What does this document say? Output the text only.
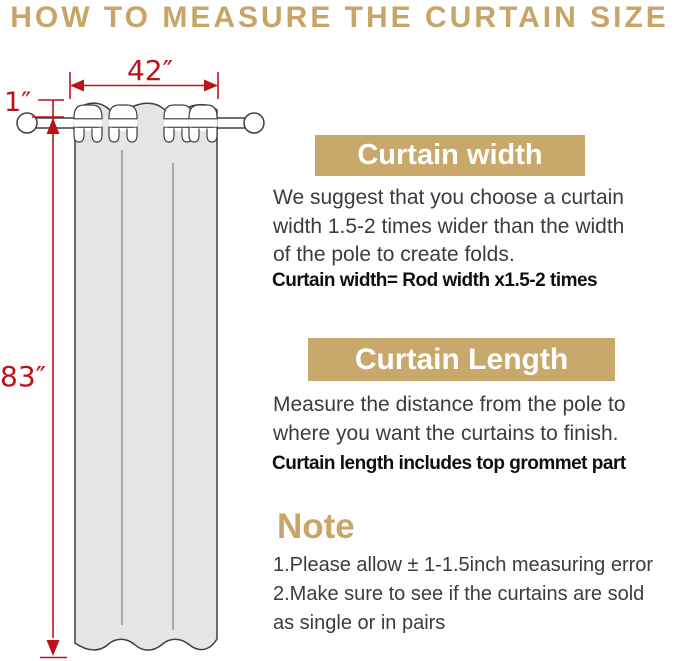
HOW TO MEASURE THE CURTAIN SIZE
42″
1″
83″
Curtain width
We suggest that you choose a curtain width 1.5-2 times wider than the width of the pole to create folds.
Curtain width= Rod width x1.5-2 times
Curtain Length
Measure the distance from the pole to where you want the curtains to finish.
Curtain length includes top grommet part
Note
1.Please allow ± 1-1.5inch measuring error
2.Make sure to see if the curtains are sold as single or in pairs
